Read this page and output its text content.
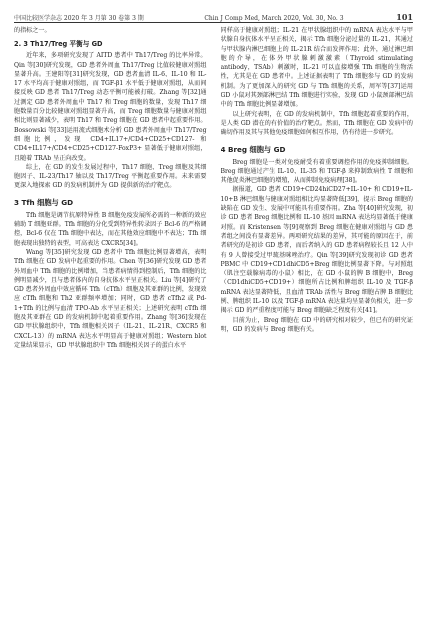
中国比较医学杂志 2020 年 3 月第 30 卷第 3 期	Chin J Comp Med, March 2020, Vol. 30, No. 3	101

的指标之一。

2. 3 Th17/Treg 平衡与 GD

近年来，多项研究发现了 AITD 患者中 Th17/Treg 的比率异常。Qin 等[30]研究发现，GD 患者外周血 Th17/Treg 比值较健康对照组显著升高。王建阳等[31]研究发现，GD 患者血清 IL-6、IL-10 和 IL-17 水平均高于健康对照组，而 TGF-β1 水平低于健康对照组，从而间接反映 GD 患者 Th17/Treg 动态平衡可能被打破。Zhang 等[32]通过测定 GD 患者外周血中 Th17 和 Treg 细胞的数量，发现 Th17 细胞数量百分比较健康对照组显著升高，而 Treg 细胞数量与健康对照组相比则显著减少，表明 Th17 和 Treg 细胞在 GD 患者中起重要作用。Bossowski 等[33]运用流式细胞术分析 GD 患者外周血中 Th17/Treg 细胞比例，发现 CD4+IL17+/CD4+CD25+CD127- 和 CD4+IL17+/CD4+CD25+CD127-FoxP3+ 显著低于健康对照组，且随着 TRAb 呈正向改变。

综上，在 GD 的发生发展过程中，Th17 细胞、Treg 细胞及其细胞因子、IL-23/Th17 轴以及 Th17/Treg 平衡起重要作用。未来需要更深入地探索 GD 的发病机制并为 GD 提供新的治疗靶点。

3 Tfh 细胞与 GD

Tfh 细胞是调节抗原特异性 B 细胞免疫发展所必需的一种新的效应辅助 T 细胞亚群。Tfh 细胞的分化受到特异性转录因子 Bcl-6 的严格调控，Bcl-6 仅在 Tfh 细胞中表达，而在其他效应细胞中不表达；Tfh 细胞表现出独特的表型，可高表达 CXCR5[34]。

Wang 等[35]研究发现 GD 患者中 Tfh 细胞比例显著增高，表明 Tfh 细胞在 GD 发病中起重要的作用。Chen 等[36]研究发现 GD 患者外周血中 Tfh 细胞的比例增加，当患者病情得到控制后，Tfh 细胞的比例明显减少，且与患者体内的自身抗体水平呈正相关。Liu 等[4]研究了 GD 患者外周血中效应循环 Tfh（cTfh）细胞及其亚群的比例，发现效应 cTfh 细胞和 Th2 亚群频率增加；同时，GD 患者 cTfh2 或 Pd-1+Tfh 的比例与血清 TPO-Ab 水平呈正相关；上述研究表明 cTfh 细胞及其亚群在 GD 的发病机制中起着重要作用。Zhang 等[36]发现在 GD 甲状腺组织中，Tfh 细胞相关因子（IL-21、IL-21R、CXCR5 和 CXCL-13）的 mRNA 表达水平明显高于健康对照组；Western blot 定量结果显示，GD 甲状腺组织中 Tfh 细胞相关因子的蛋白水平

同样高于健康对照组；IL-21 在甲状腺组织中的 mRNA 表达水平与甲状腺自身抗体水平呈正相关，揭示 Tfh 细胞分泌过量的 IL-21，其通过与甲状腺内淋巴细胞上的 IL-21R 结合而发挥作用；此外，通过淋巴细胞的介导，在体外甲状腺刺激激素（Thyroid stimulating antibody，TSAb）刺激时，IL-21 可以直接增强 Tfh 细胞的生物活性，尤其是在 GD 患者中。上述证据表明了 Tfh 细胞参与 GD 的发病机制。为了更加深入的研究 GD 与 Tfh 细胞的关系，周军等[37]运用 GD 小鼠对其颈部淋巴结 Tfh 细胞进行实验，发现 GD 小鼠颈部淋巴结中的 Tfh 细胞比例显著增加。

以上研究表明，在 GD 的发病机制中，Tfh 细胞起着重要的作用，是人类 GD 潜在的有价值的治疗靶点。然而，Tfh 细胞在 GD 发病中的确切作用及其与其他免疫细胞如何相互作用，仍有待进一步研究。

4 Breg 细胞与 GD

Breg 细胞是一类对免疫耐受有着重要调控作用的免疫抑制细胞。Breg 细胞通过产生 IL-10、IL-35 和 TGF-β 来抑制致病性 T 细胞和其他促炎淋巴细胞的增殖，从而抑制免疫病理[38]。

据报道，GD 患者 CD19+CD24hiCD27+IL-10+ 和 CD19+IL-10+B 淋巴细胞与健康对照组相比均显著降低[39]，提示 Breg 细胞的缺陷在 GD 发生、发展中可能具有重要作用。Zha 等[40]研究发现，初诊 GD 患者 Breg 细胞比例和 IL-10 基因 mRNA 表达均显著低于健康对照。而 Kristensen 等[9]观察到 Breg 细胞在健康对照组与 GD 患者组之间没有显著差异。两项研究结果的差异，其可能的原因在于，前者研究的是初诊 GD 患者，而后者纳入的 GD 患者病程较长且 12 人中有 9 人曾接受过甲巯基咪唑治疗。Qin 等[39]研究发现初诊 GD 患者 PBMC 中 CD19+CD1dhiCD5+Breg 细胞比例显著下降。与对照组（肌注空载腺病毒的小鼠）相比，在 GD 小鼠的脾 B 细胞中，Breg（CD1dhiCD5+CD19+）细胞所占比例和脾组织 IL-10 及 TGF-β mRNA 表达显著降低，且血清 TRAb 活性与 Breg 细胞占脾 B 细胞比例、脾组织 IL-10 以及 TGF-β mRNA 表达量均呈显著负相关，进一步揭示 GD 的严重程度可能与 Breg 细胞缺乏程度有关[41]。

目前为止，Breg 细胞在 GD 中的研究相对较少，但已有的研究证明，GD 的发病与 Breg 细胞有关。
